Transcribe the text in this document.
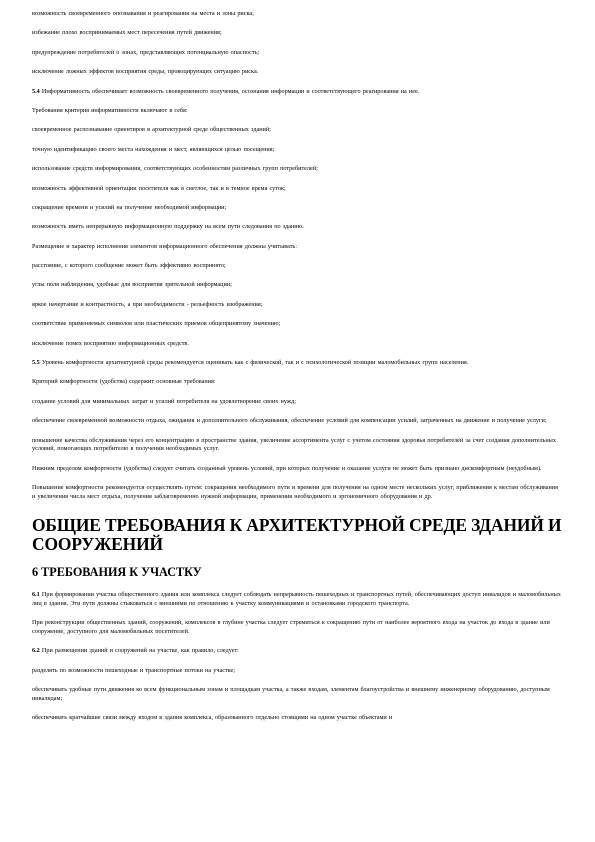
возможность своевременного опознавания и реагирования на места и зоны риска;

избежание плохо воспринимаемых мест пересечения путей движения;

предупреждение потребителей о зонах, представляющих потенциальную опасность;

исключение ложных эффектов восприятия среды, провоцирующих ситуацию риска.

5.4 Информативность обеспечивает возможность своевременного получения, осознания информации и соответствующего реагирования на нее.

Требования критерия информативности включают в себя:

своевременное распознавание ориентиров в архитектурной среде общественных зданий;

точную идентификацию своего места нахождения и мест, являющихся целью посещения;

использование средств информирования, соответствующих особенностям различных групп потребителей;

возможность эффективной ориентации посетителя как в светлое, так и в темное время суток;

сокращение времени и усилий на получение необходимой информации;

возможность иметь непрерывную информационную поддержку на всем пути следования по зданию.

Размещение и характер исполнения элементов информационного обеспечения должны учитывать:

расстояние, с которого сообщение может быть эффективно воспринято;

углы поля наблюдения, удобные для восприятия зрительной информации;

яркое начертание и контрастность, а при необходимости - рельефность изображения;

соответствие применяемых символов или пластических приемов общепринятому значению;

исключение помех восприятию информационных средств.

5.5 Уровень комфортности архитектурной среды рекомендуется оценивать как с физической, так и с психологической позиции маломобильных групп населения.

Критерий комфортности (удобства) содержит основные требования:

создание условий для минимальных затрат и усилий потребителя на удовлетворение своих нужд;

обеспечение своевременной возможности отдыха, ожидания и дополнительного обслуживания, обеспечение условий для компенсации усилий, затраченных на движение и получение услуги;

повышение качества обслуживания через его концентрацию в пространстве здания, увеличение ассортимента услуг с учетом состояния здоровья потребителей за счет создания дополнительных условий, помогающих потребителю в получении необходимых услуг.

Нижним пределом комфортности (удобства) следует считать созданный уровень условий, при которых получение и оказание услуги не может быть признано дискомфортным (неудобным).

Повышение комфортности рекомендуется осуществлять путем: сокращения необходимого пути и времени для получения на одном месте нескольких услуг, приближения к местам обслуживания и увеличения числа мест отдыха, получения заблаговременно нужной информации, применения необходимого и эргономичного оборудования и др.

ОБЩИЕ ТРЕБОВАНИЯ К АРХИТЕКТУРНОЙ СРЕДЕ ЗДАНИЙ И СООРУЖЕНИЙ
6 ТРЕБОВАНИЯ К УЧАСТКУ

6.1 При формировании участка общественного здания или комплекса следует соблюдать непрерывность пешеходных и транспортных путей, обеспечивающих доступ инвалидов и маломобильных лиц в здания. Эти пути должны стыковаться с внешними по отношению к участку коммуникациями и остановками городского транспорта.

При реконструкции общественных зданий, сооружений, комплексов в глубине участка следует стремиться к сокращению пути от наиболее вероятного входа на участок до входа в здание или сооружение, доступного для маломобильных посетителей.

6.2 При размещении зданий и сооружений на участке, как правило, следует:

разделять по возможности пешеходные и транспортные потоки на участке;

обеспечивать удобные пути движения ко всем функциональным зонам и площадкам участка, а также входам, элементам благоустройства и внешнему инженерному оборудованию, доступным инвалидам;

обеспечивать кратчайшие связи между входом в здания комплекса, образованного отдельно стоящими на одном участке объектами и
